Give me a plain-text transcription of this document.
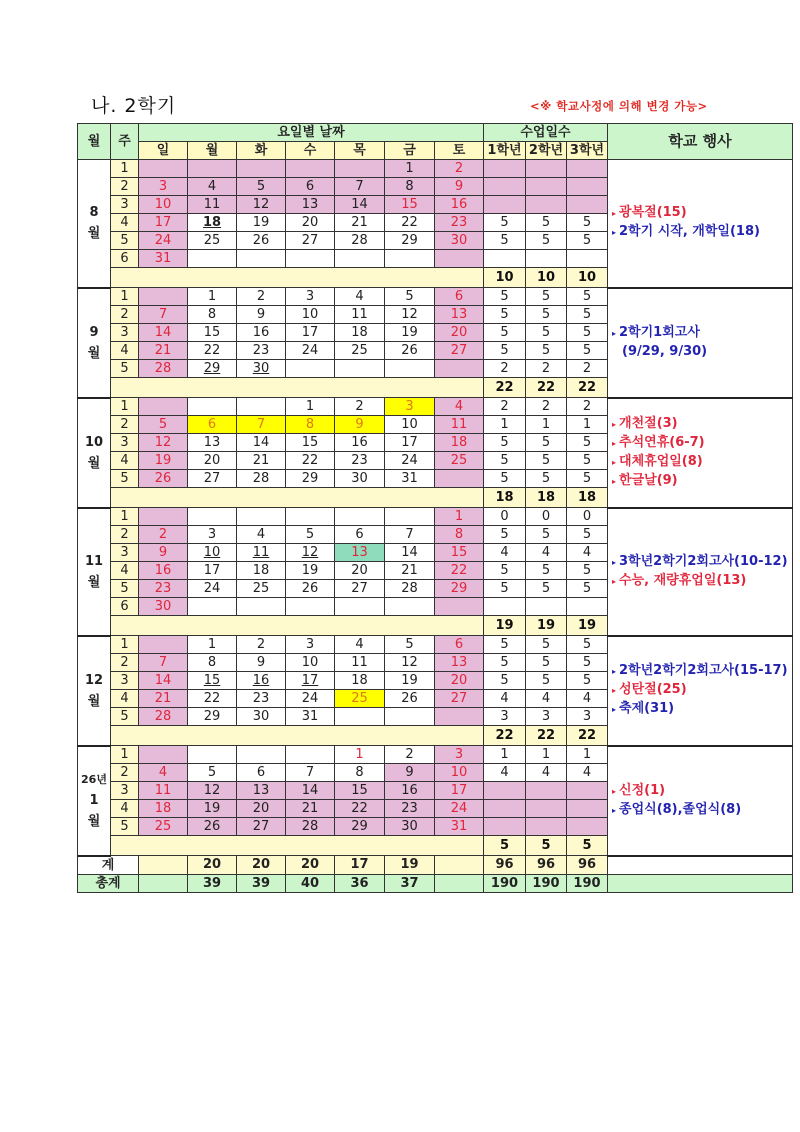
나. 2학기	<※ 학교사정에 의해 변경 가능>
월	주	요일별 날짜							수업일수			학교 행사
		일	월	화	수	목	금	토	1학년	2학년	3학년	

8
월
	1						1	2				
▸ 광복절(15)
▸ 2학기 시작, 개학일(18)

	2	3	4	5	6	7	8	9				
	3	10	11	12	13	14	15	16				
	4	17	18	19	20	21	22	23	5	5	5	
	5	24	25	26	27	28	29	30	5	5	5	
	6	31										
									10	10	10	

9
월
	1		1	2	3	4	5	6	5	5	5	
▸ 2학기1회고사
(9/29, 9/30)

	2	7	8	9	10	11	12	13	5	5	5	
	3	14	15	16	17	18	19	20	5	5	5	
	4	21	22	23	24	25	26	27	5	5	5	
	5	28	29	30					2	2	2	
									22	22	22	

10
월
	1				1	2	3	4	2	2	2	
▸ 개천절(3)
▸ 추석연휴(6-7)
▸ 대체휴업일(8)
▸ 한글날(9)

	2	5	6	7	8	9	10	11	1	1	1	
	3	12	13	14	15	16	17	18	5	5	5	
	4	19	20	21	22	23	24	25	5	5	5	
	5	26	27	28	29	30	31		5	5	5	
									18	18	18	

11
월
	1							1	0	0	0	
▸ 3학년2학기2회고사(10-12)
▸ 수능, 재량휴업일(13)

	2	2	3	4	5	6	7	8	5	5	5	
	3	9	10	11	12	13	14	15	4	4	4	
	4	16	17	18	19	20	21	22	5	5	5	
	5	23	24	25	26	27	28	29	5	5	5	
	6	30										
									19	19	19	

12
월
	1		1	2	3	4	5	6	5	5	5	
▸ 2학년2학기2회고사(15-17)
▸ 성탄절(25)
▸ 축제(31)

	2	7	8	9	10	11	12	13	5	5	5	
	3	14	15	16	17	18	19	20	5	5	5	
	4	21	22	23	24	25	26	27	4	4	4	
	5	28	29	30	31				3	3	3	
									22	22	22	

26년
1
월
	1					1	2	3	1	1	1	
▸ 신정(1)
▸ 종업식(8),졸업식(8)

	2	4	5	6	7	8	9	10	4	4	4	
	3	11	12	13	14	15	16	17				
	4	18	19	20	21	22	23	24				
	5	25	26	27	28	29	30	31				
									5	5	5	
계			20	20	20	17	19		96	96	96	
총계			39	39	40	36	37		190	190	190	
